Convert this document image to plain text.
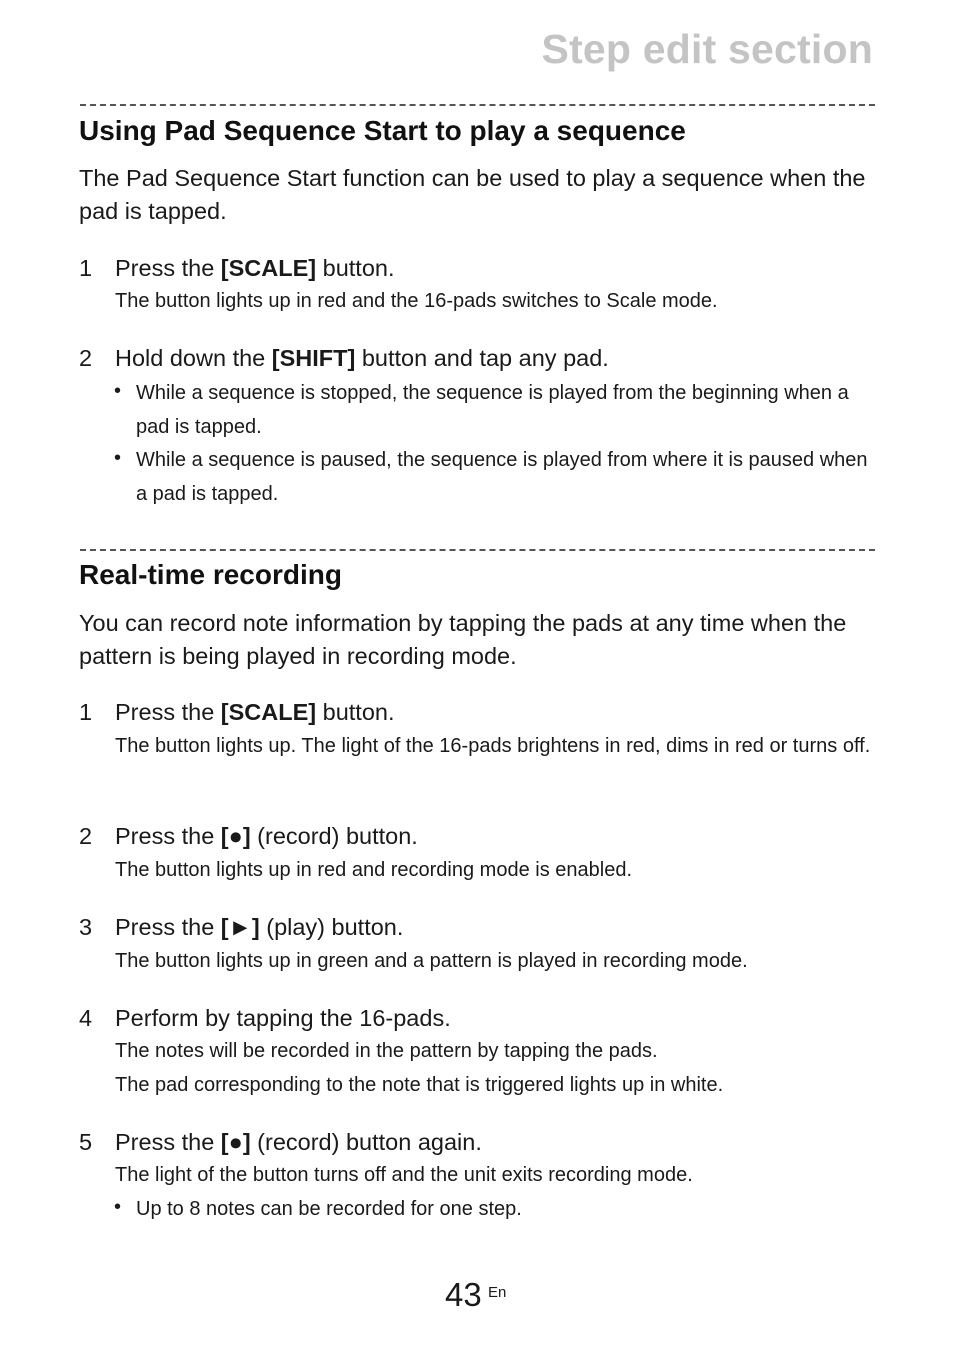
Step edit section
Using Pad Sequence Start to play a sequence
The Pad Sequence Start function can be used to play a sequence when the pad is tapped.
1 Press the [SCALE] button.
The button lights up in red and the 16-pads switches to Scale mode.
2 Hold down the [SHIFT] button and tap any pad.
• While a sequence is stopped, the sequence is played from the beginning when a pad is tapped.
• While a sequence is paused, the sequence is played from where it is paused when a pad is tapped.
Real-time recording
You can record note information by tapping the pads at any time when the pattern is being played in recording mode.
1 Press the [SCALE] button.
The button lights up. The light of the 16-pads brightens in red, dims in red or turns off.
2 Press the [●] (record) button.
The button lights up in red and recording mode is enabled.
3 Press the [►] (play) button.
The button lights up in green and a pattern is played in recording mode.
4 Perform by tapping the 16-pads.
The notes will be recorded in the pattern by tapping the pads.
The pad corresponding to the note that is triggered lights up in white.
5 Press the [●] (record) button again.
The light of the button turns off and the unit exits recording mode.
• Up to 8 notes can be recorded for one step.
43 En
